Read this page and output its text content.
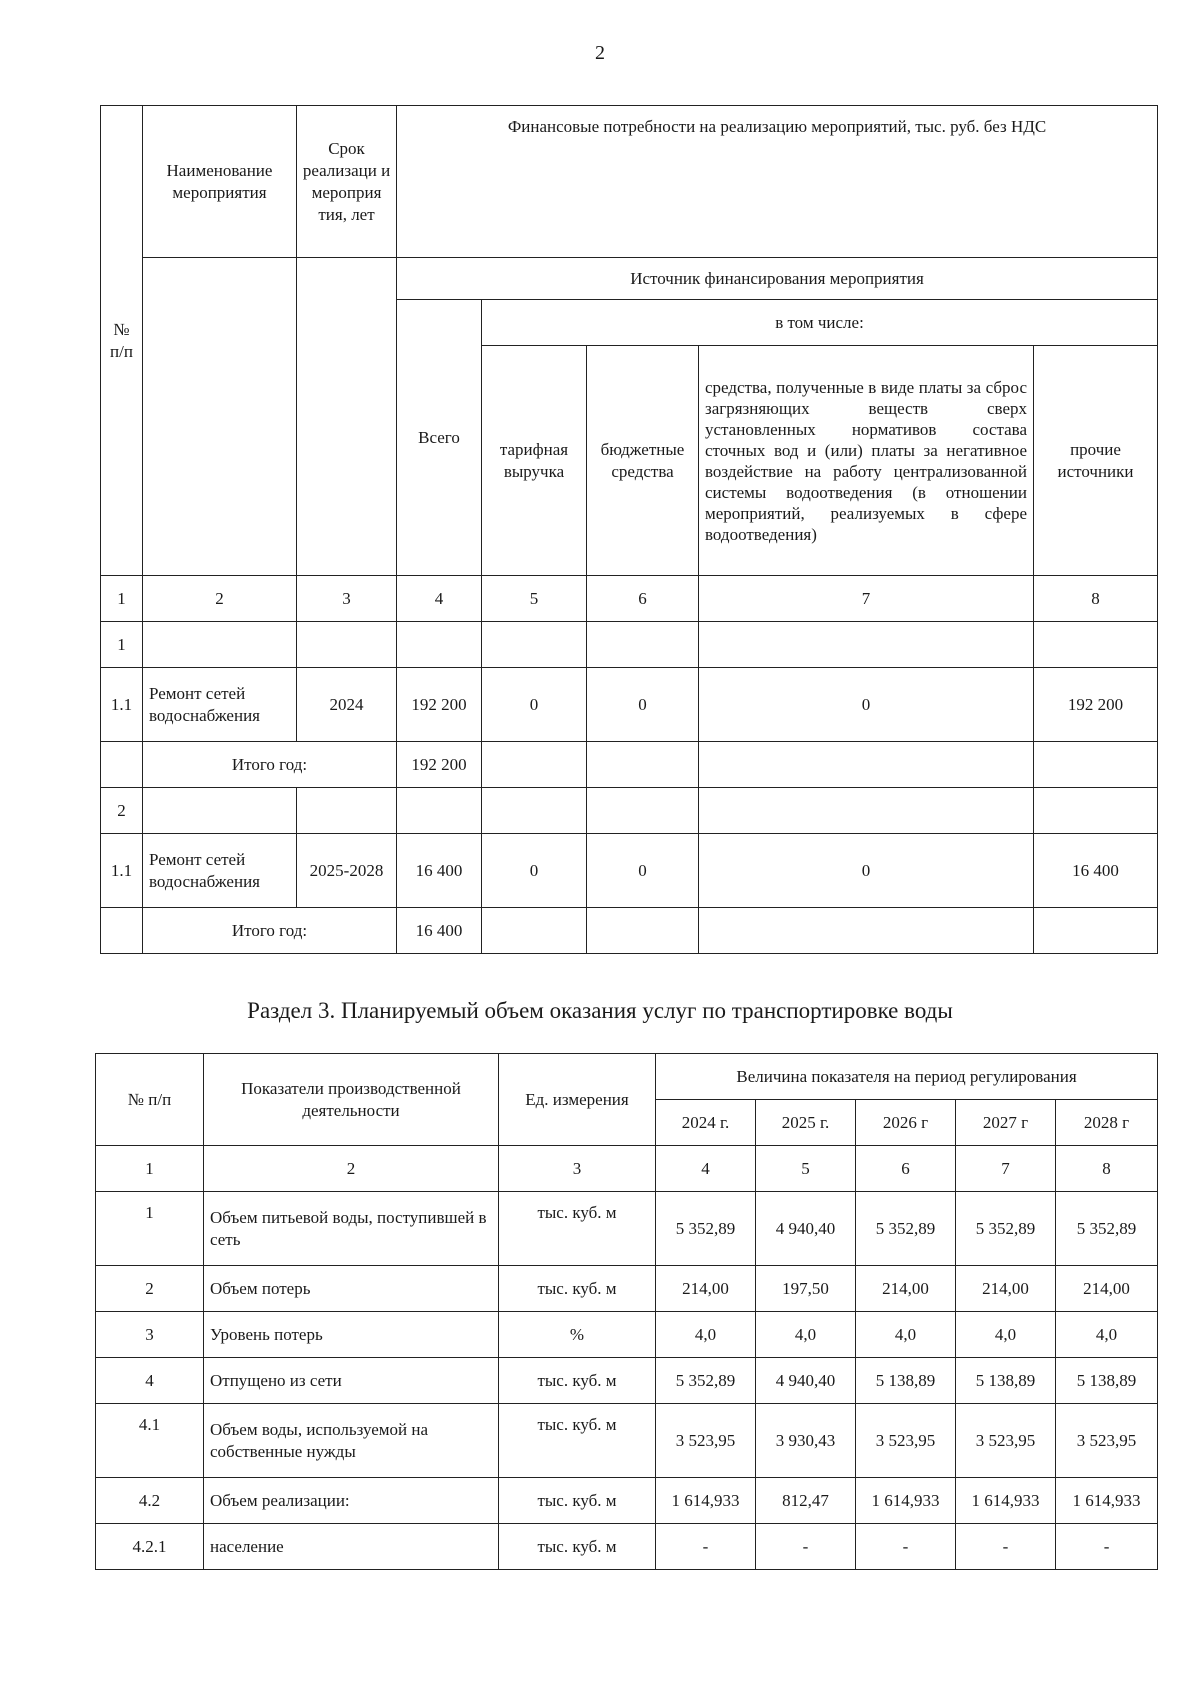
2
№ п/п	Наименование мероприятия	Срок реализаци и мероприя тия, лет	Финансовые потребности на реализацию мероприятий, тыс. руб. без НДС				
			Источник финансирования мероприятия				
			Всего	в том числе:			
				тарифная выручка	бюджетные средства	средства, полученные в виде платы за сброс загрязняющих веществ сверх установленных нормативов состава сточных вод и (или) платы за негативное воздействие на работу централизованной системы водоотведения (в отношении мероприятий, реализуемых в сфере водоотведения)	прочие источники

1	2	3	4	5	6	7	8
1							
1.1	Ремонт сетей водоснабжения	2024	192 200	0	0	0	192 200
	Итого год:		192 200				
2							
1.1	Ремонт сетей водоснабжения	2025-2028	16 400	0	0	0	16 400
	Итого год:		16 400				
Раздел 3. Планируемый объем оказания услуг по транспортировке воды
№ п/п	Показатели производственной деятельности	Ед. измерения	Величина показателя на период регулирования				
			2024 г.	2025 г.	2026 г	2027 г	2028 г
1	2	3	4	5	6	7	8
1	Объем питьевой воды, поступившей в сеть	тыс. куб. м	5 352,89	4 940,40	5 352,89	5 352,89	5 352,89
2	Объем потерь	тыс. куб. м	214,00	197,50	214,00	214,00	214,00
3	Уровень потерь	%	4,0	4,0	4,0	4,0	4,0
4	Отпущено из сети	тыс. куб. м	5 352,89	4 940,40	5 138,89	5 138,89	5 138,89
4.1	Объем воды, используемой на собственные нужды	тыс. куб. м	3 523,95	3 930,43	3 523,95	3 523,95	3 523,95
4.2	Объем реализации:	тыс. куб. м	1 614,933	812,47	1 614,933	1 614,933	1 614,933
4.2.1	население	тыс. куб. м	-	-	-	-	-
